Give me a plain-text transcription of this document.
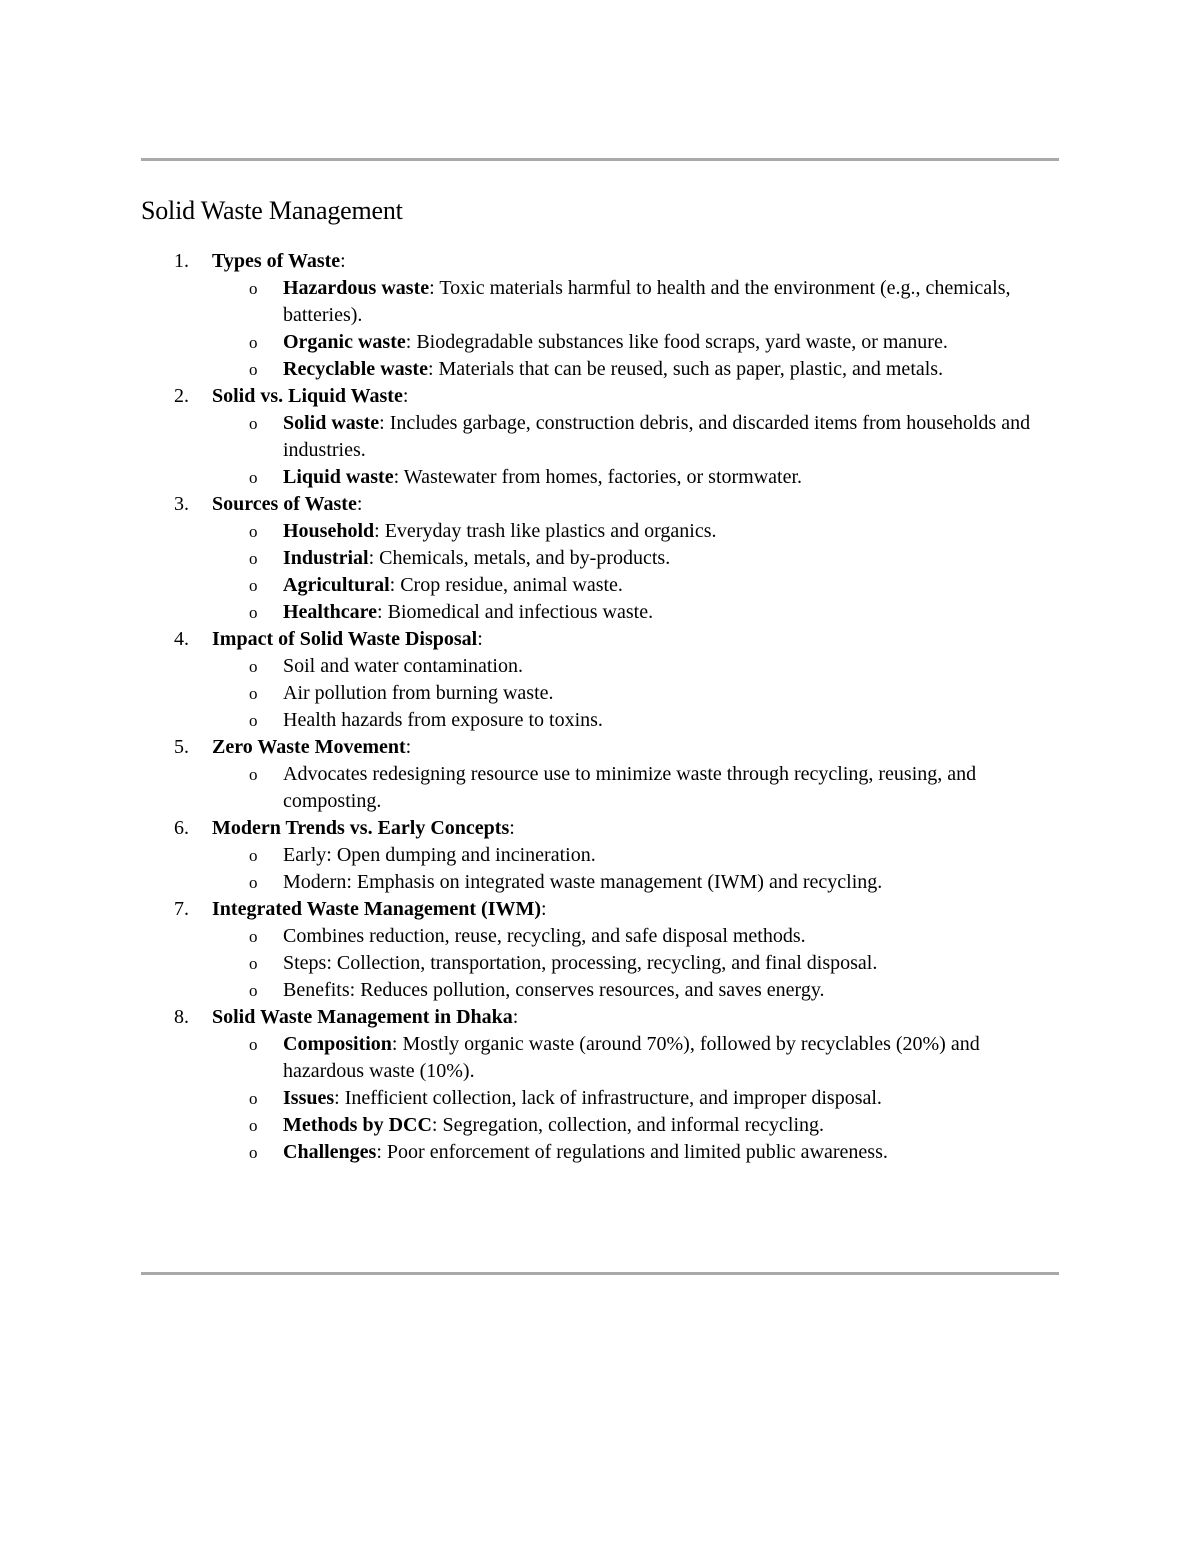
Solid Waste Management
1. Types of Waste:
o Hazardous waste: Toxic materials harmful to health and the environment (e.g., chemicals, batteries).
o Organic waste: Biodegradable substances like food scraps, yard waste, or manure.
o Recyclable waste: Materials that can be reused, such as paper, plastic, and metals.
2. Solid vs. Liquid Waste:
o Solid waste: Includes garbage, construction debris, and discarded items from households and industries.
o Liquid waste: Wastewater from homes, factories, or stormwater.
3. Sources of Waste:
o Household: Everyday trash like plastics and organics.
o Industrial: Chemicals, metals, and by-products.
o Agricultural: Crop residue, animal waste.
o Healthcare: Biomedical and infectious waste.
4. Impact of Solid Waste Disposal:
o Soil and water contamination.
o Air pollution from burning waste.
o Health hazards from exposure to toxins.
5. Zero Waste Movement:
o Advocates redesigning resource use to minimize waste through recycling, reusing, and composting.
6. Modern Trends vs. Early Concepts:
o Early: Open dumping and incineration.
o Modern: Emphasis on integrated waste management (IWM) and recycling.
7. Integrated Waste Management (IWM):
o Combines reduction, reuse, recycling, and safe disposal methods.
o Steps: Collection, transportation, processing, recycling, and final disposal.
o Benefits: Reduces pollution, conserves resources, and saves energy.
8. Solid Waste Management in Dhaka:
o Composition: Mostly organic waste (around 70%), followed by recyclables (20%) and hazardous waste (10%).
o Issues: Inefficient collection, lack of infrastructure, and improper disposal.
o Methods by DCC: Segregation, collection, and informal recycling.
o Challenges: Poor enforcement of regulations and limited public awareness.
